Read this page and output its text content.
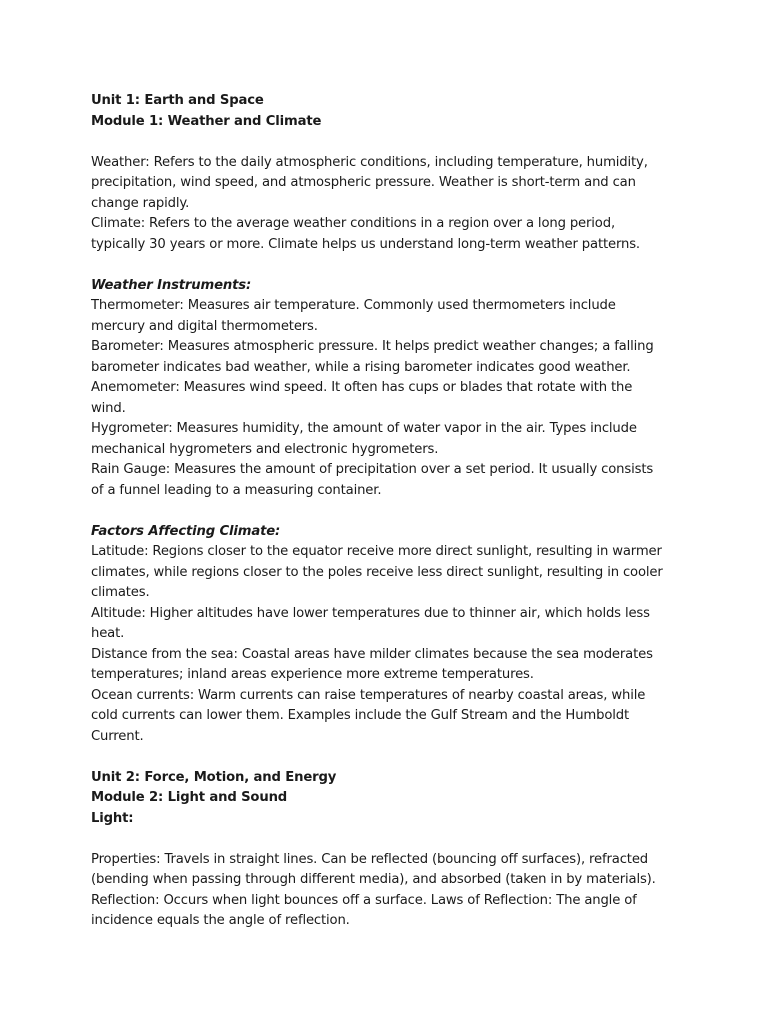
Unit 1: Earth and Space
Module 1: Weather and Climate
Weather: Refers to the daily atmospheric conditions, including temperature, humidity,
precipitation, wind speed, and atmospheric pressure. Weather is short-term and can
change rapidly.
Climate: Refers to the average weather conditions in a region over a long period,
typically 30 years or more. Climate helps us understand long-term weather patterns.
Weather Instruments:
Thermometer: Measures air temperature. Commonly used thermometers include
mercury and digital thermometers.
Barometer: Measures atmospheric pressure. It helps predict weather changes; a falling
barometer indicates bad weather, while a rising barometer indicates good weather.
Anemometer: Measures wind speed. It often has cups or blades that rotate with the
wind.
Hygrometer: Measures humidity, the amount of water vapor in the air. Types include
mechanical hygrometers and electronic hygrometers.
Rain Gauge: Measures the amount of precipitation over a set period. It usually consists
of a funnel leading to a measuring container.
Factors Affecting Climate:
Latitude: Regions closer to the equator receive more direct sunlight, resulting in warmer
climates, while regions closer to the poles receive less direct sunlight, resulting in cooler
climates.
Altitude: Higher altitudes have lower temperatures due to thinner air, which holds less
heat.
Distance from the sea: Coastal areas have milder climates because the sea moderates
temperatures; inland areas experience more extreme temperatures.
Ocean currents: Warm currents can raise temperatures of nearby coastal areas, while
cold currents can lower them. Examples include the Gulf Stream and the Humboldt
Current.
Unit 2: Force, Motion, and Energy
Module 2: Light and Sound
Light:
Properties: Travels in straight lines. Can be reflected (bouncing off surfaces), refracted
(bending when passing through different media), and absorbed (taken in by materials).
Reflection: Occurs when light bounces off a surface. Laws of Reflection: The angle of
incidence equals the angle of reflection.
